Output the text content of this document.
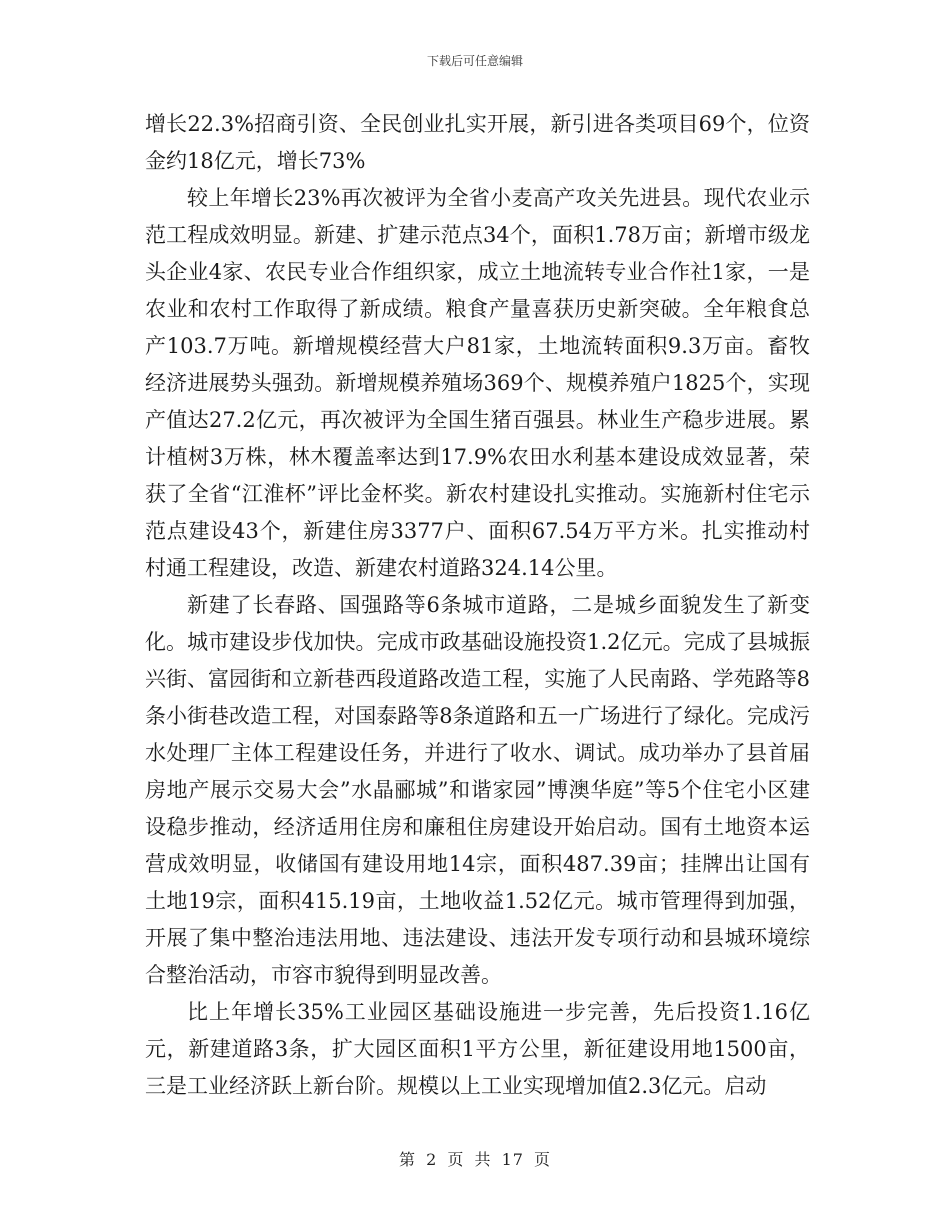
下载后可任意编辑

增长22.3%招商引资、全民创业扎实开展，新引进各类项目69个，位资金约18亿元，增长73%

较上年增长23%再次被评为全省小麦高产攻关先进县。现代农业示范工程成效明显。新建、扩建示范点34个，面积1.78万亩；新增市级龙头企业4家、农民专业合作组织家，成立土地流转专业合作社1家，一是农业和农村工作取得了新成绩。粮食产量喜获历史新突破。全年粮食总产103.7万吨。新增规模经营大户81家，土地流转面积9.3万亩。畜牧经济进展势头强劲。新增规模养殖场369个、规模养殖户1825个，实现产值达27.2亿元，再次被评为全国生猪百强县。林业生产稳步进展。累计植树3万株，林木覆盖率达到17.9%农田水利基本建设成效显著，荣获了全省“江淮杯”评比金杯奖。新农村建设扎实推动。实施新村住宅示范点建设43个，新建住房3377户、面积67.54万平方米。扎实推动村村通工程建设，改造、新建农村道路324.14公里。

新建了长春路、国强路等6条城市道路，二是城乡面貌发生了新变化。城市建设步伐加快。完成市政基础设施投资1.2亿元。完成了县城振兴街、富园街和立新巷西段道路改造工程，实施了人民南路、学苑路等8条小街巷改造工程，对国泰路等8条道路和五一广场进行了绿化。完成污水处理厂主体工程建设任务，并进行了收水、调试。成功举办了县首届房地产展示交易大会”水晶郦城”和谐家园”博澳华庭”等5个住宅小区建设稳步推动，经济适用住房和廉租住房建设开始启动。国有土地资本运营成效明显，收储国有建设用地14宗，面积487.39亩；挂牌出让国有土地19宗，面积415.19亩，土地收益1.52亿元。城市管理得到加强，开展了集中整治违法用地、违法建设、违法开发专项行动和县城环境综合整治活动，市容市貌得到明显改善。

比上年增长35%工业园区基础设施进一步完善，先后投资1.16亿元，新建道路3条，扩大园区面积1平方公里，新征建设用地1500亩，三是工业经济跃上新台阶。规模以上工业实现增加值2.3亿元。启动

第 2 页 共 17 页
